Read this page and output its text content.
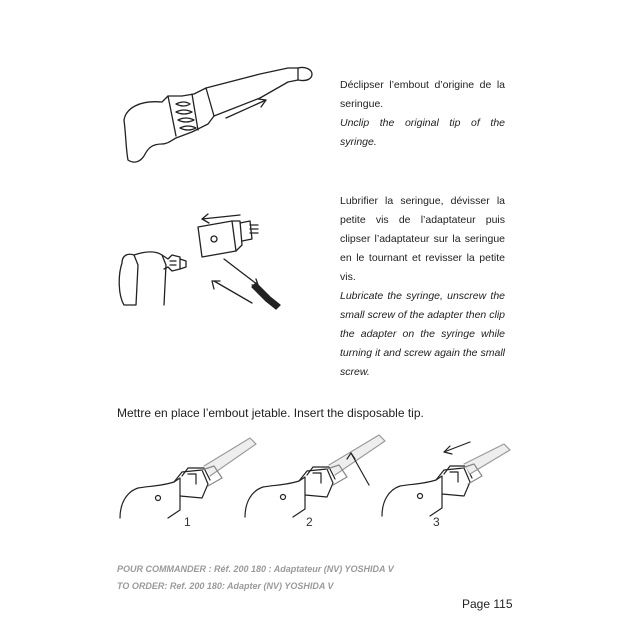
Déclipser l’embout d’origine de la seringue.
Unclip the original tip of the syringe.
Lubrifier la seringue, dévisser la petite vis de l’adaptateur puis clipser l’adaptateur sur la seringue en le tournant et revisser la petite vis.
Lubricate the syringe, unscrew the small screw of the adapter then clip the adapter on the syringe while turning it and screw again the small screw.
Mettre en place l’embout jetable. Insert the disposable tip.
1	2	3
POUR COMMANDER : Réf. 200 180 : Adaptateur (NV) YOSHIDA V
TO ORDER: Ref. 200 180: Adapter (NV) YOSHIDA V
Page 115
